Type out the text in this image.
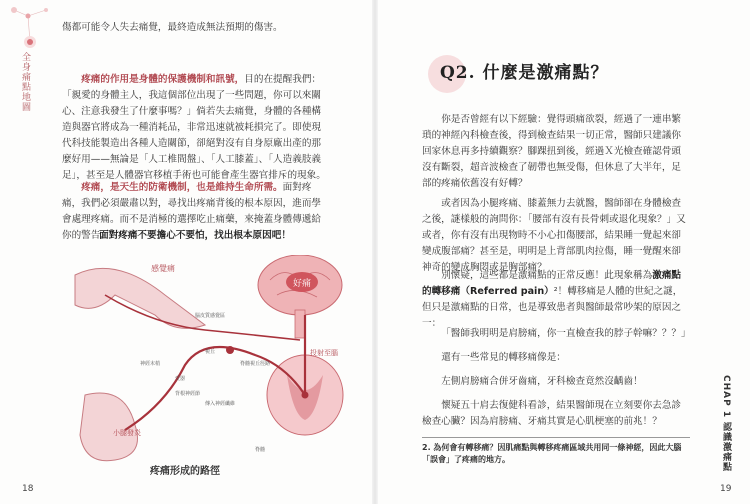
全身痛點地圖

傷都可能令人失去痛覺，最終造成無法預期的傷害。

疼痛的作用是身體的保護機制和訊號，目的在提醒我們：「親愛的身體主人，我這個部位出現了一些問題，你可以來關心、注意我發生了什麼事嗎？」倘若失去痛覺，身體的各種構造與器官將成為一種消耗品，非常迅速就被耗損完了。即使現代科技能製造出各種人造關節，卻絕對沒有自身原廠出產的那麼好用——無論是「人工椎間盤」、「人工膝蓋」、「人造義肢義足」，甚至是人體器官移植手術也可能會產生器官排斥的現象。

疼痛，是天生的防衛機制，也是維持生命所需。面對疼痛，我們必須嚴肅以對，尋找出疼痛背後的根本原因，進而學會處理疼痛。而不是消極的選擇吃止痛藥，來掩蓋身體傳遞給你的警告。

面對疼痛不要擔心不要怕，找出根本原因吧！

好痛
感覺痛
投射至腦
腦皮質感覺區
視丘
脊髓視丘徑路
神經末梢
受器
背根神經節
脊髓
傳入神經纖維
小腿發炎
疼痛形成的路徑
18
Q2. 什麼是激痛點？

你是否曾經有以下經驗：覺得頭痛欲裂，經過了一連串繁瑣的神經內科檢查後，得到檢查結果一切正常，醫師只建議你回家休息再多持續觀察？腳踝扭到後，經過Ｘ光檢查確認骨頭沒有斷裂，超音波檢查了韌帶也無受傷，但休息了大半年，足部的疼痛依舊沒有好轉？

或者因為小腿疼痛、膝蓋無力去就醫，醫師卻在身體檢查之後，謎樣般的詢問你：「腰部有沒有長骨刺或退化現象？」又或者，你有沒有出現物時不小心扣傷腰部，結果睡一覺起來卻變成腹部痛？甚至是，明明是上背部肌肉拉傷，睡一覺醒來卻神奇的變成胸悶或是胸部痛？

別懷疑，這些都是激痛點的正常反應！此現象稱為激痛點的轉移痛（Referred pain）²！轉移痛是人體的世紀之謎，但只是激痛點的日常，也是導致患者與醫師最常吵架的原因之一：

「醫師我明明是肩膀痛，你一直檢查我的脖子幹嘛？？？」

還有一些常見的轉移痛像是：

左側肩膀痛合併牙齒痛，牙科檢查竟然沒齲齒！

懷疑五十肩去復健科看診，結果醫師現在立刻要你去急診檢查心臟？因為肩膀痛、牙痛其實是心肌梗塞的前兆！？

2. 為何會有轉移痛？因肌痛點與轉移疼痛區域共用同一條神經，因此大腦「誤會」了疼痛的地方。	CHAP 1 認識激痛點
19
